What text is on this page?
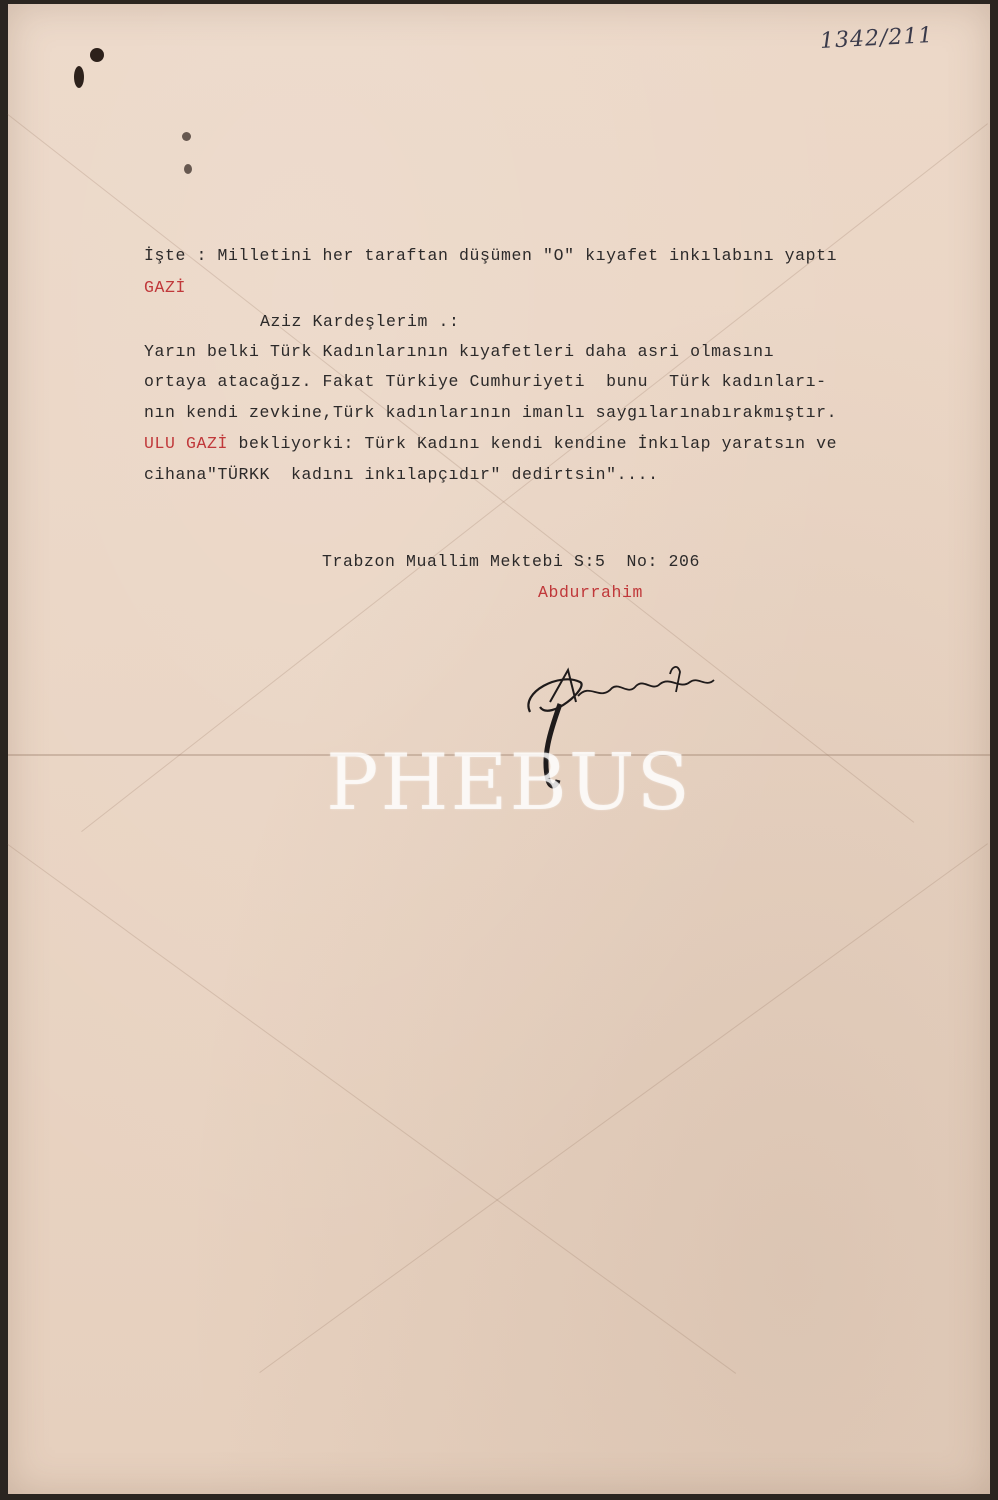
1342/211
İşte : Milletini her taraftan düşümen "O" kıyafet inkılabını yaptı
GAZİ
Aziz Kardeşlerim .:
Yarın belki Türk Kadınlarının kıyafetleri daha asri olmasını
ortaya atacağız. Fakat Türkiye Cumhuriyeti  bunu  Türk kadınları-
nın kendi zevkine,Türk kadınlarının imanlı saygılarınabırakmıştır.
ULU GAZİ bekliyorki: Türk Kadını kendi kendine İnkılap yaratsın ve
cihana"TÜRKK  kadını inkılapçıdır" dedirtsin"....
Trabzon Muallim Mektebi S:5  No: 206
Abdurrahim
PHEBUS
